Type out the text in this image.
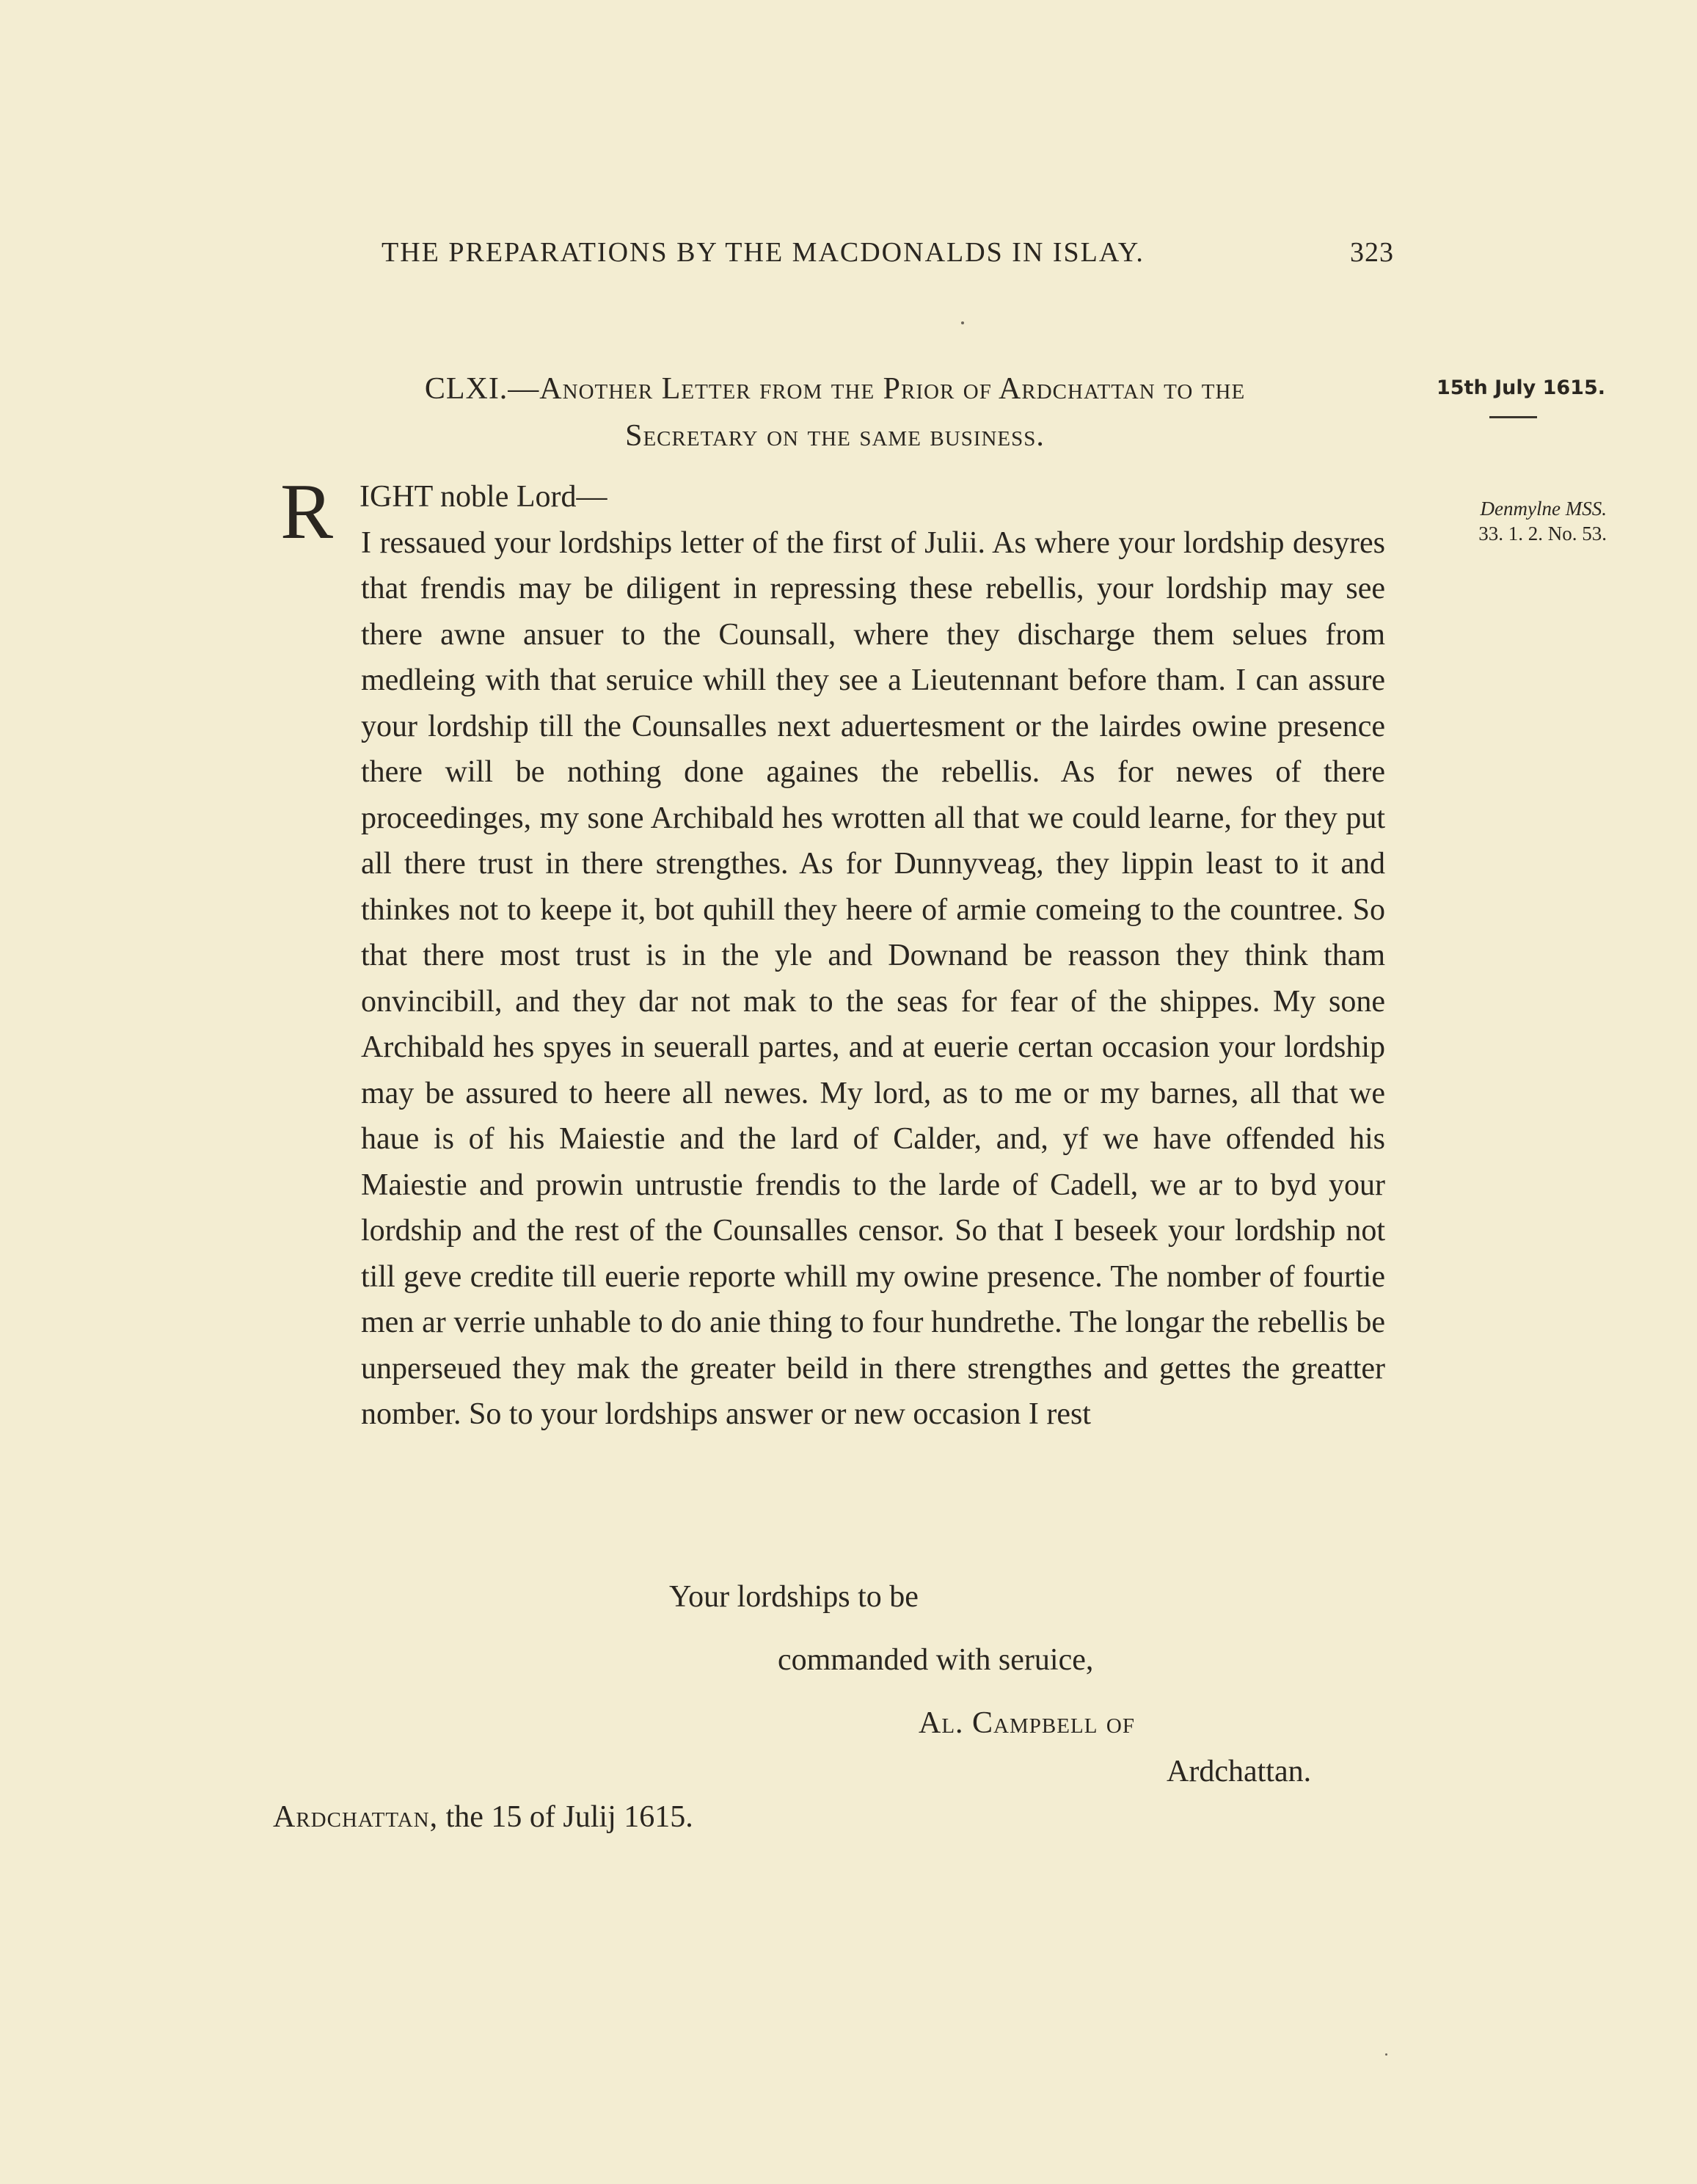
THE PREPARATIONS BY THE MACDONALDS IN ISLAY.	323
CLXI.—Another Letter from the Prior of Ardchattan to the
Secretary on the same business.
15th July 1615.
Denmylne MSS.
33. 1. 2. No. 53.
R IGHT noble Lord—
I ressaued your lordships letter of the first of Julii. As where your lordship desyres that frendis may be diligent in repressing these rebellis, your lordship may see there awne ansuer to the Counsall, where they discharge them selues from medleing with that seruice whill they see a Lieutennant before tham. I can assure your lordship till the Counsalles next aduertesment or the lairdes owine presence there will be nothing done againes the rebellis. As for newes of there proceedinges, my sone Archibald hes wrotten all that we could learne, for they put all there trust in there strengthes. As for Dunnyveag, they lippin least to it and thinkes not to keepe it, bot quhill they heere of armie comeing to the countree. So that there most trust is in the yle and Downand be reasson they think tham onvincibill, and they dar not mak to the seas for fear of the shippes. My sone Archibald hes spyes in seuerall partes, and at euerie certan occasion your lordship may be assured to heere all newes. My lord, as to me or my barnes, all that we haue is of his Maiestie and the lard of Calder, and, yf we have offended his Maiestie and prowin untrustie frendis to the larde of Cadell, we ar to byd your lordship and the rest of the Counsalles censor. So that I beseek your lordship not till geve credite till euerie reporte whill my owine presence. The nomber of fourtie men ar verrie unhable to do anie thing to four hundrethe. The longar the rebellis be unperseued they mak the greater beild in there strengthes and gettes the greatter nomber. So to your lordships answer or new occasion I rest
Your lordships to be
commanded with seruice,
Al. Campbell of
Ardchattan.
Ardchattan, the 15 of Julij 1615.
